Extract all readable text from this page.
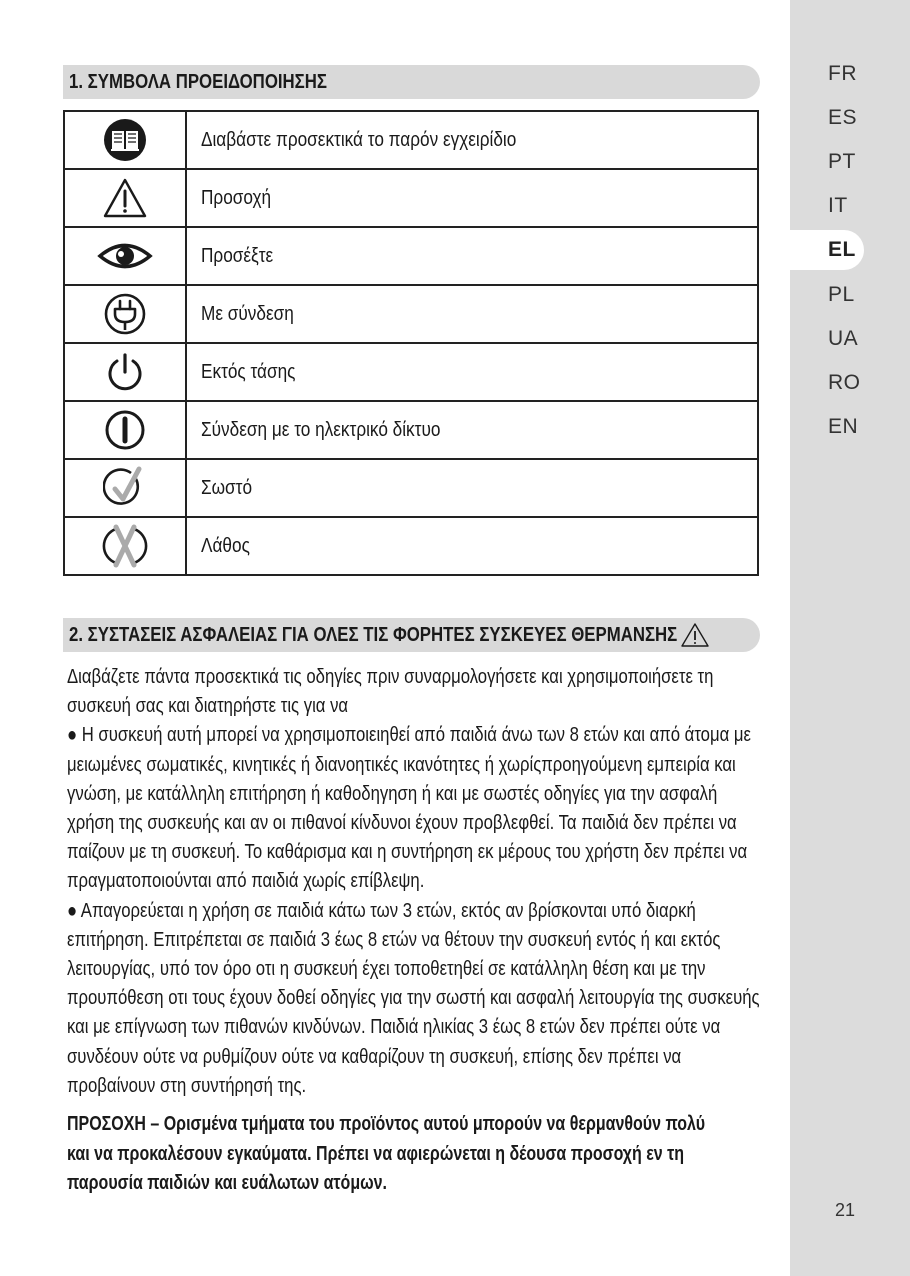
FR
ES
PT
IT
EL
PL
UA
RO
EN
21
1. ΣΥΜΒΟΛΑ ΠΡΟΕΙΔΟΠΟΙΗΣΗΣ
	Διαβάστε προσεκτικά το παρόν εγχειρίδιο

	Προσοχή

	Προσέξτε

	Με σύνδεση

	Εκτός τάσης

	Σύνδεση με το ηλεκτρικό δίκτυο

	Σωστό

	Λάθος
2. ΣΥΣΤΑΣΕΙΣ ΑΣΦΑΛΕΙΑΣ ΓΙΑ ΟΛΕΣ ΤΙΣ ΦΟΡΗΤΕΣ ΣΥΣΚΕΥΕΣ ΘΕΡΜΑΝΣΗΣ

Διαβάζετε πάντα προσεκτικά τις οδηγίες πριν συναρμολογήσετε και χρησιμοποιήσετε τη συσκευή σας και διατηρήστε τις για να

● Η συσκευή αυτή μπορεί να χρησιμοποιειηθεί από παιδιά άνω των 8 ετών και από άτομα με μειωμένες σωματικές, κινητικές ή διανοητικές ικανότητες ή χωρίςπροηγούμενη εμπειρία και γνώση, με κατάλληλη επιτήρηση ή καθοδηγηση ή και με σωστές οδηγίες για την ασφαλή χρήση της συσκευής και αν οι πιθανοί κίνδυνοι έχουν προβλεφθεί. Τα παιδιά δεν πρέπει να παίζουν με τη συσκευή. Το καθάρισμα και η συντήρηση εκ μέρους του χρήστη δεν πρέπει να πραγματοποιούνται από παιδιά χωρίς επίβλεψη.

● Απαγορεύεται η χρήση σε παιδιά κάτω των 3 ετών, εκτός αν βρίσκονται υπό διαρκή επιτήρηση. Επιτρέπεται σε παιδιά 3 έως 8 ετών να θέτουν την συσκευή εντός ή και εκτός λειτουργίας, υπό τον όρο οτι η συσκευή έχει τοποθετηθεί σε κατάλληλη θέση και με την προυπόθεση οτι τους έχουν δοθεί οδηγίες για την σωστή και ασφαλή λειτουργία της συσκευής και με επίγνωση των πιθανών κινδύνων. Παιδιά ηλικίας 3 έως 8 ετών δεν πρέπει ούτε να συνδέουν ούτε να ρυθμίζουν ούτε να καθαρίζουν τη συσκευή, επίσης δεν πρέπει να προβαίνουν στη συντήρησή της.

ΠΡΟΣΟΧΗ – Ορισμένα τμήματα του προϊόντος αυτού μπορούν να θερμανθούν πολύ και να προκαλέσουν εγκαύματα. Πρέπει να αφιερώνεται η δέουσα προσοχή εν τη παρουσία παιδιών και ευάλωτων ατόμων.
